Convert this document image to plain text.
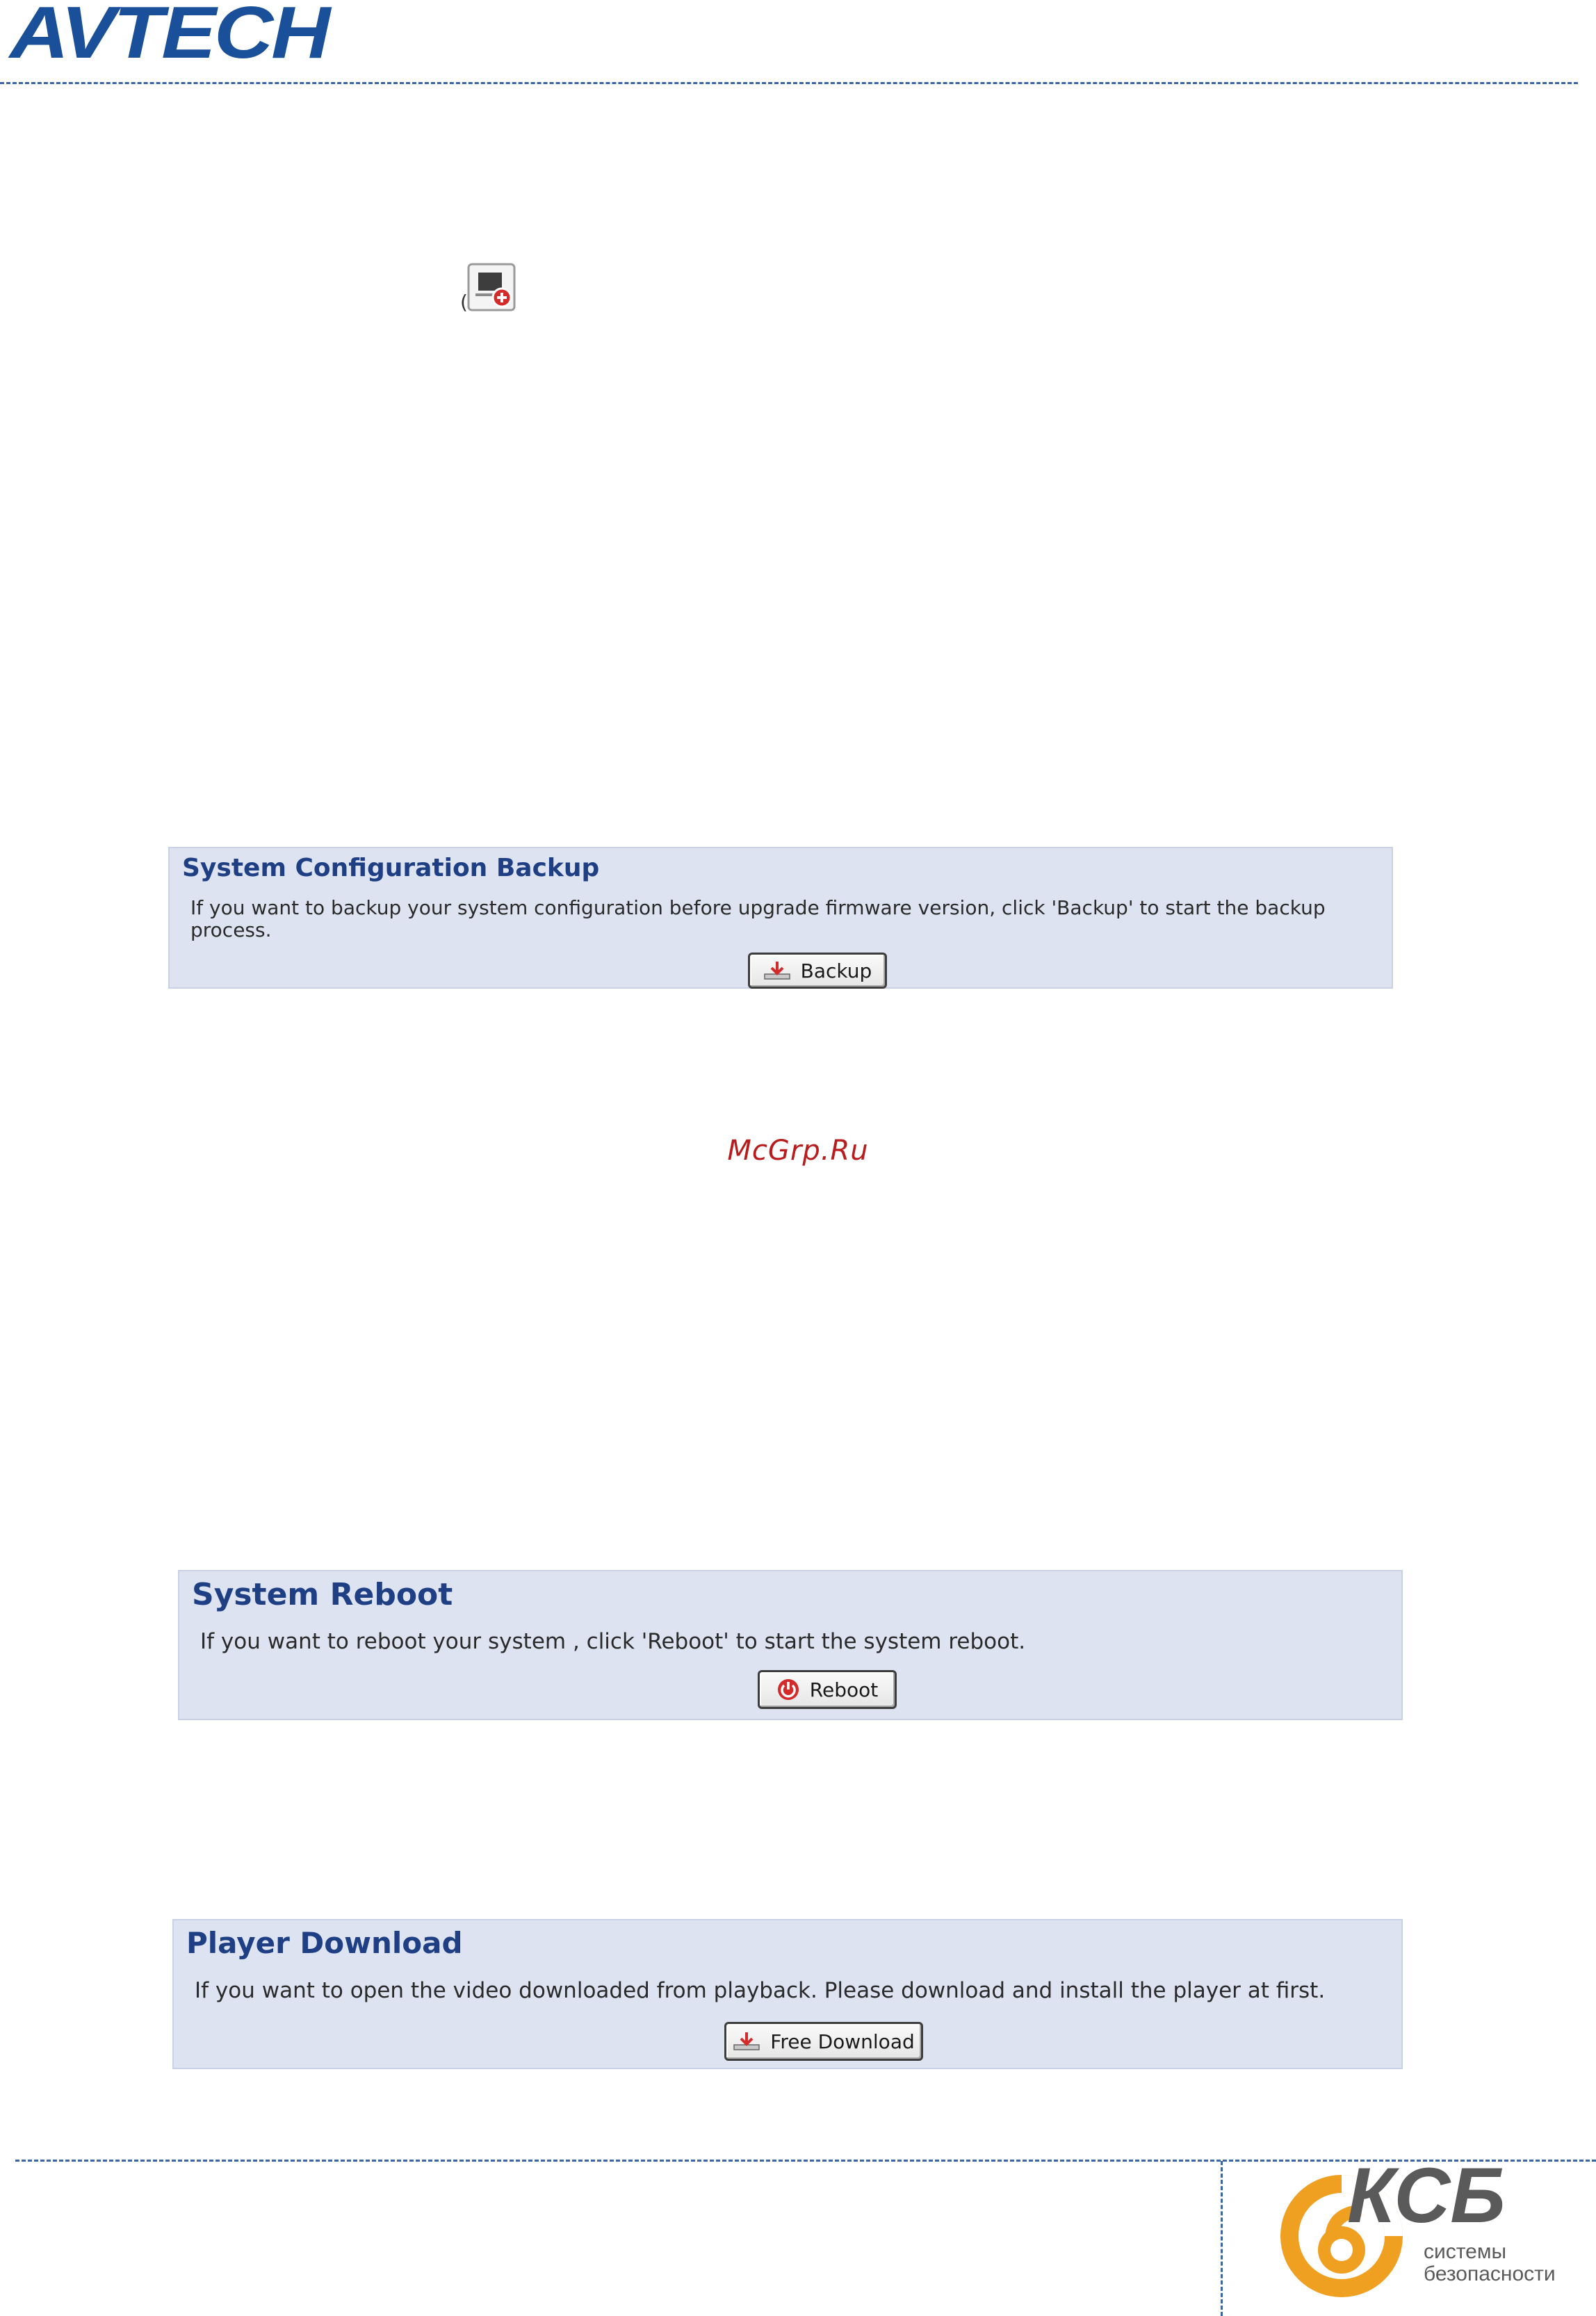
AVTECH
(
System Configuration Backup
If you want to backup your system configuration before upgrade firmware version, click 'Backup' to start the backup process.
Backup
McGrp.Ru
System Reboot
If you want to reboot your system , click 'Reboot' to start the system reboot.
Reboot
Player Download
If you want to open the video downloaded from playback. Please download and install the player at first.
Free Download
КСБ
системы
безопасности
